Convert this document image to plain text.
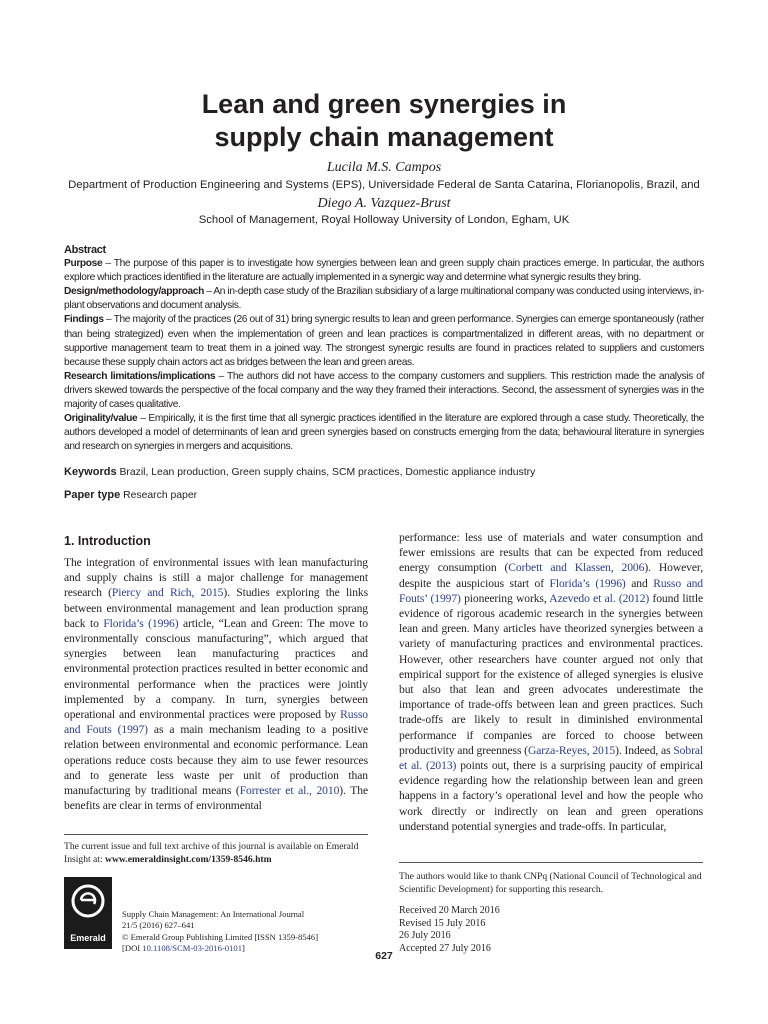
Lean and green synergies in
supply chain management
Lucila M.S. Campos
Department of Production Engineering and Systems (EPS), Universidade Federal de Santa Catarina, Florianopolis, Brazil, and
Diego A. Vazquez-Brust
School of Management, Royal Holloway University of London, Egham, UK
Abstract

Purpose – The purpose of this paper is to investigate how synergies between lean and green supply chain practices emerge. In particular, the authors explore which practices identified in the literature are actually implemented in a synergic way and determine what synergic results they bring.

Design/methodology/approach – An in-depth case study of the Brazilian subsidiary of a large multinational company was conducted using interviews, in-plant observations and document analysis.

Findings – The majority of the practices (26 out of 31) bring synergic results to lean and green performance. Synergies can emerge spontaneously (rather than being strategized) even when the implementation of green and lean practices is compartmentalized in different areas, with no department or supportive management team to treat them in a joined way. The strongest synergic results are found in practices related to suppliers and customers because these supply chain actors act as bridges between the lean and green areas.

Research limitations/implications – The authors did not have access to the company customers and suppliers. This restriction made the analysis of drivers skewed towards the perspective of the focal company and the way they framed their interactions. Second, the assessment of synergies was in the majority of cases qualitative.

Originality/value – Empirically, it is the first time that all synergic practices identified in the literature are explored through a case study. Theoretically, the authors developed a model of determinants of lean and green synergies based on constructs emerging from the data; behavioural literature in synergies and research on synergies in mergers and acquisitions.

Keywords Brazil, Lean production, Green supply chains, SCM practices, Domestic appliance industry
Paper type Research paper
1. Introduction

The integration of environmental issues with lean manufacturing and supply chains is still a major challenge for management research (Piercy and Rich, 2015). Studies exploring the links between environmental management and lean production sprang back to Florida’s (1996) article, “Lean and Green: The move to environmentally conscious manufacturing”, which argued that synergies between lean manufacturing practices and environmental protection practices resulted in better economic and environmental performance when the practices were jointly implemented by a company. In turn, synergies between operational and environmental practices were proposed by Russo and Fouts (1997) as a main mechanism leading to a positive relation between environmental and economic performance. Lean operations reduce costs because they aim to use fewer resources and to generate less waste per unit of production than manufacturing by traditional means (Forrester et al., 2010). The benefits are clear in terms of environmental

performance: less use of materials and water consumption and fewer emissions are results that can be expected from reduced energy consumption (Corbett and Klassen, 2006). However, despite the auspicious start of Florida’s (1996) and Russo and Fouts’ (1997) pioneering works, Azevedo et al. (2012) found little evidence of rigorous academic research in the synergies between lean and green. Many articles have theorized synergies between a variety of manufacturing practices and environmental practices. However, other researchers have counter argued not only that empirical support for the existence of alleged synergies is elusive but also that lean and green advocates underestimate the importance of trade-offs between lean and green practices. Such trade-offs are likely to result in diminished environmental performance if companies are forced to choose between productivity and greenness (Garza-Reyes, 2015). Indeed, as Sobral et al. (2013) points out, there is a surprising paucity of empirical evidence regarding how the relationship between lean and green happens in a factory’s operational level and how the people who work directly or indirectly on lean and green operations understand potential synergies and trade-offs. In particular,

The current issue and full text archive of this journal is available on Emerald Insight at: www.emeraldinsight.com/1359-8546.htm
The authors would like to thank CNPq (National Council of Technological and Scientific Development) for supporting this research.
Emerald
Supply Chain Management: An International Journal
21/5 (2016) 627–641
© Emerald Group Publishing Limited [ISSN 1359-8546]
[DOI 10.1108/SCM-03-2016-0101]
Received 20 March 2016
Revised 15 July 2016
26 July 2016
Accepted 27 July 2016
627
